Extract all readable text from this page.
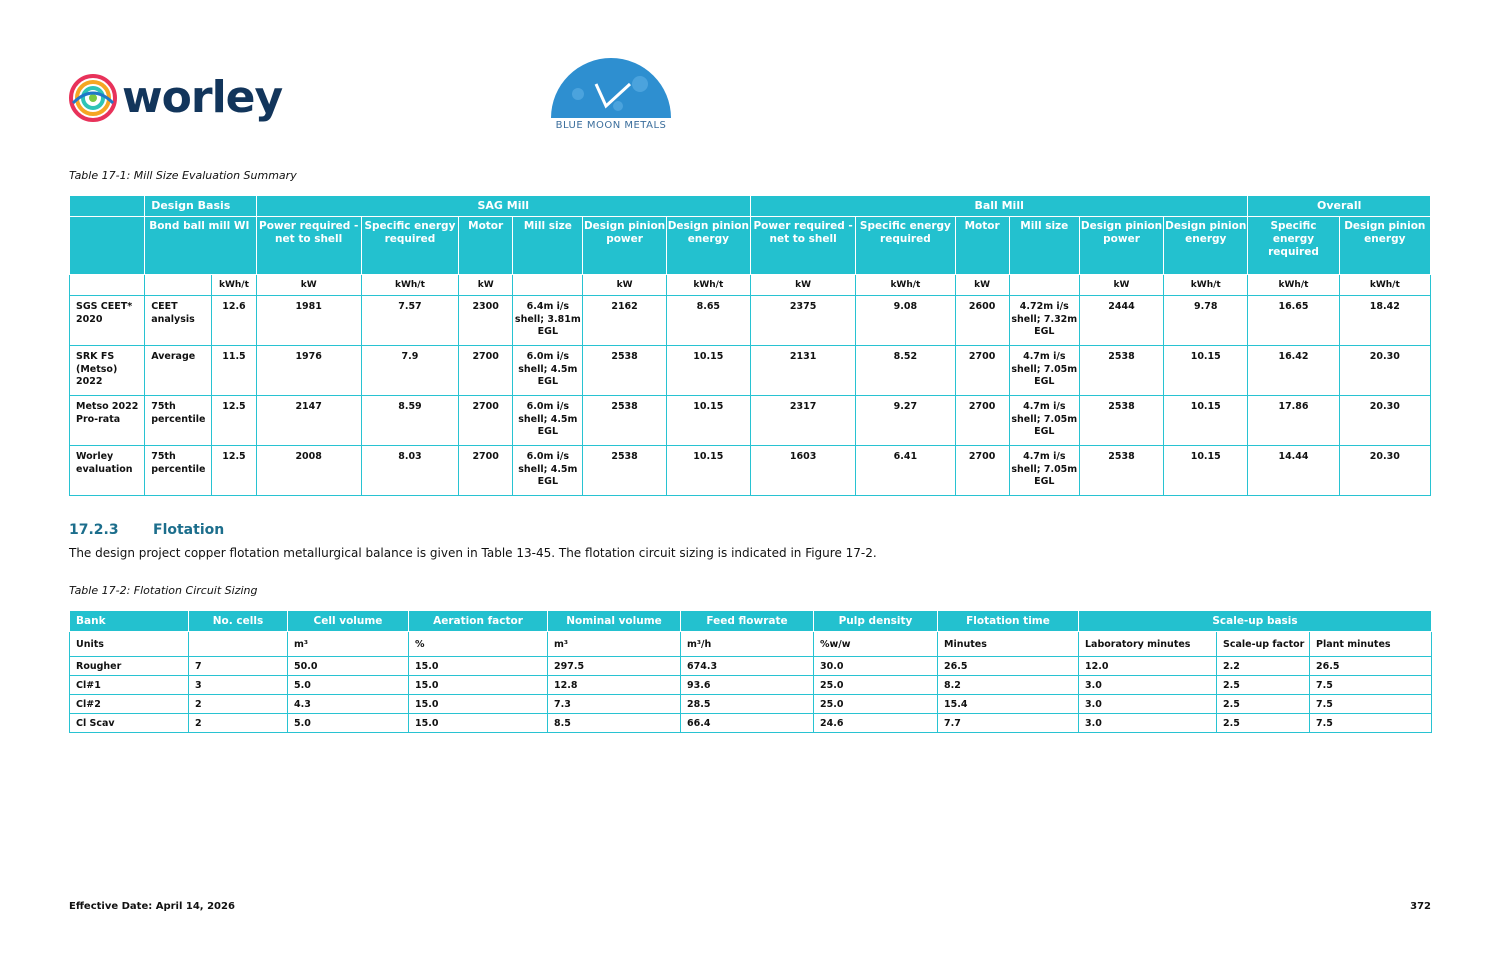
worley
BLUE MOON METALS
Table 17-1: Mill Size Evaluation Summary
	Design Basis		SAG Mill						Ball Mill						Overall	
	Bond ball mill WI		Power required - net to shell	Specific energy required	Motor	Mill size	Design pinion power	Design pinion energy	Power required - net to shell	Specific energy required	Motor	Mill size	Design pinion power	Design pinion energy	Specific energy required	Design pinion energy
		kWh/t	kW	kWh/t	kW		kW	kWh/t	kW	kWh/t	kW		kW	kWh/t	kWh/t	kWh/t
SGS CEET* 2020	CEET analysis	12.6	1981	7.57	2300	6.4m i/s shell; 3.81m EGL	2162	8.65	2375	9.08	2600	4.72m i/s shell; 7.32m EGL	2444	9.78	16.65	18.42
SRK FS (Metso) 2022	Average	11.5	1976	7.9	2700	6.0m i/s shell; 4.5m EGL	2538	10.15	2131	8.52	2700	4.7m i/s shell; 7.05m EGL	2538	10.15	16.42	20.30
Metso 2022 Pro-rata	75th percentile	12.5	2147	8.59	2700	6.0m i/s shell; 4.5m EGL	2538	10.15	2317	9.27	2700	4.7m i/s shell; 7.05m EGL	2538	10.15	17.86	20.30
Worley evaluation	75th percentile	12.5	2008	8.03	2700	6.0m i/s shell; 4.5m EGL	2538	10.15	1603	6.41	2700	4.7m i/s shell; 7.05m EGL	2538	10.15	14.44	20.30
17.2.3 Flotation
The design project copper flotation metallurgical balance is given in Table 13-45. The flotation circuit sizing is indicated in Figure 17-2.
Table 17-2: Flotation Circuit Sizing
Bank	No. cells	Cell volume	Aeration factor	Nominal volume	Feed flowrate	Pulp density	Flotation time	Scale-up basis		
Units		m³	%	m³	m³/h	%w/w	Minutes	Laboratory minutes	Scale-up factor	Plant minutes
Rougher	7	50.0	15.0	297.5	674.3	30.0	26.5	12.0	2.2	26.5
Cl#1	3	5.0	15.0	12.8	93.6	25.0	8.2	3.0	2.5	7.5
Cl#2	2	4.3	15.0	7.3	28.5	25.0	15.4	3.0	2.5	7.5
Cl Scav	2	5.0	15.0	8.5	66.4	24.6	7.7	3.0	2.5	7.5
Effective Date: April 14, 2026	372
